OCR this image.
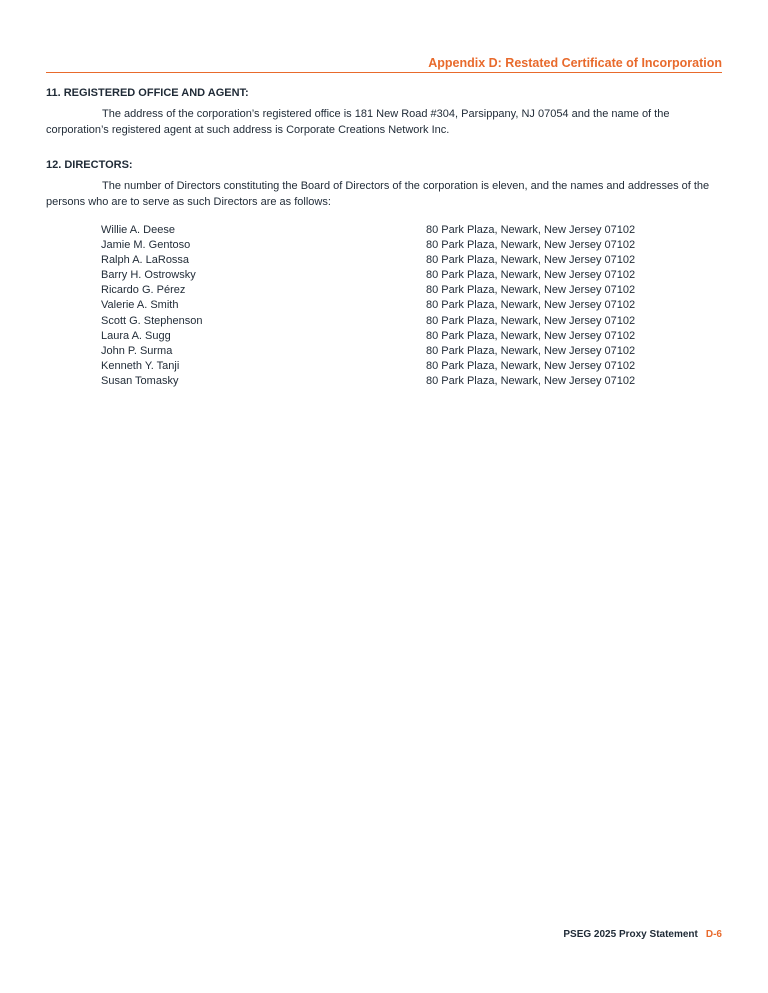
Appendix D: Restated Certificate of Incorporation
11. REGISTERED OFFICE AND AGENT:

The address of the corporation’s registered office is 181 New Road #304, Parsippany, NJ 07054 and the name of the corporation’s registered agent at such address is Corporate Creations Network Inc.

12. DIRECTORS:

The number of Directors constituting the Board of Directors of the corporation is eleven, and the names and addresses of the persons who are to serve as such Directors are as follows:

Willie A. Deese	80 Park Plaza, Newark, New Jersey 07102
Jamie M. Gentoso	80 Park Plaza, Newark, New Jersey 07102
Ralph A. LaRossa	80 Park Plaza, Newark, New Jersey 07102
Barry H. Ostrowsky	80 Park Plaza, Newark, New Jersey 07102
Ricardo G. Pérez	80 Park Plaza, Newark, New Jersey 07102
Valerie A. Smith	80 Park Plaza, Newark, New Jersey 07102
Scott G. Stephenson	80 Park Plaza, Newark, New Jersey 07102
Laura A. Sugg	80 Park Plaza, Newark, New Jersey 07102
John P. Surma	80 Park Plaza, Newark, New Jersey 07102
Kenneth Y. Tanji	80 Park Plaza, Newark, New Jersey 07102
Susan Tomasky	80 Park Plaza, Newark, New Jersey 07102
PSEG 2025 Proxy Statement D-6
